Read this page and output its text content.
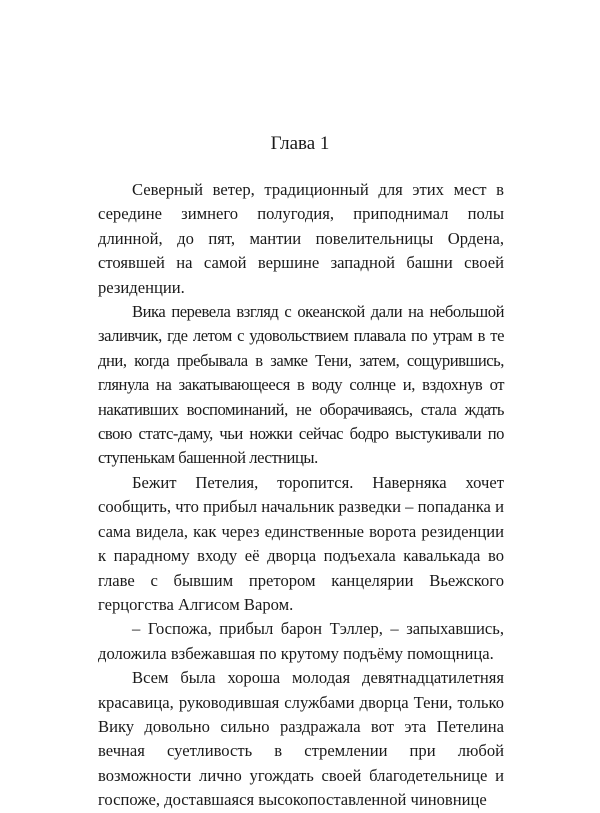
Глава 1

Северный ветер, традиционный для этих мест в середине зимнего полугодия, приподнимал полы длинной, до пят, мантии повелительницы Ордена, стоявшей на самой вершине западной башни своей резиденции.

Вика перевела взгляд с океанской дали на небольшой заливчик, где летом с удовольствием плавала по утрам в те дни, когда пребывала в замке Тени, затем, сощурившись, глянула на закатывающееся в воду солнце и, вздохнув от накативших воспоминаний, не оборачиваясь, стала ждать свою статс-даму, чьи ножки сейчас бодро выстукивали по ступенькам башенной лестницы.

Бежит Петелия, торопится. Наверняка хочет сообщить, что прибыл начальник разведки – попаданка и сама видела, как через единственные ворота резиденции к парадному входу её дворца подъехала кавалькада во главе с бывшим претором канцелярии Вьежского герцогства Алгисом Варом.

– Госпожа, прибыл барон Тэллер, – запыхавшись, доложила взбежавшая по крутому подъёму помощница.

Всем была хороша молодая девятнадцатилетняя красавица, руководившая службами дворца Тени, только Вику довольно сильно раздражала вот эта Петелина вечная суетливость в стремлении при любой возможности лично угождать своей благодетельнице и госпоже, доставшаяся высокопоставленной чиновнице
